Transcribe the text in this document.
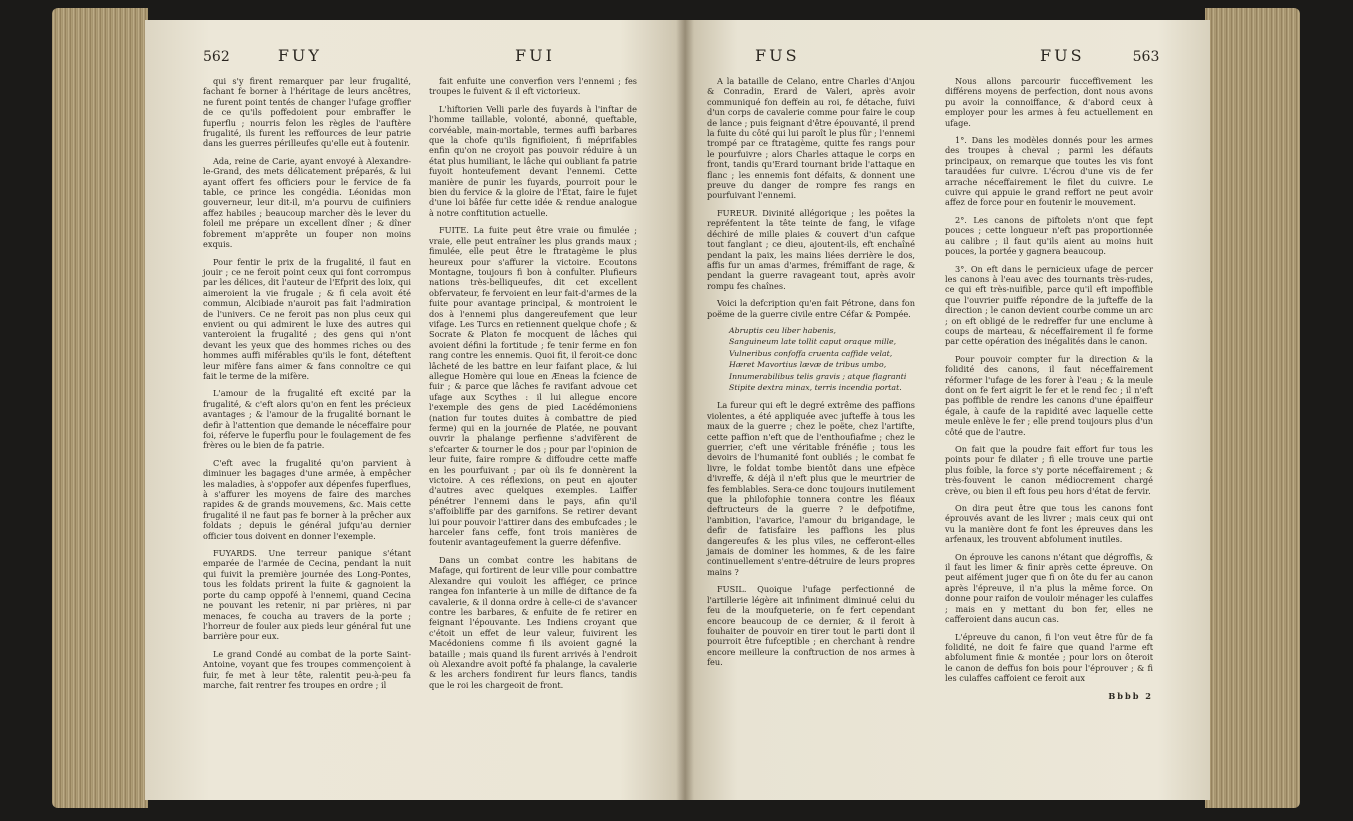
562	FUY	FUI

qui s'y firent remarquer par leur frugalité, fachant fe borner à l'héritage de leurs ancêtres, ne furent point tentés de changer l'ufage groffier de ce qu'ils poffedoient pour embraffer le fuperflu ; nourris felon les règles de l'auftère frugalité, ils furent les reffources de leur patrie dans les guerres périlleufes qu'elle eut à foutenir.

Ada, reine de Carie, ayant envoyé à Alexandre-le-Grand, des mets délicatement préparés, & lui ayant offert fes officiers pour le fervice de fa table, ce prince les congédia. Léonidas mon gouverneur, leur dit-il, m'a pourvu de cuifiniers affez habiles ; beaucoup marcher dès le lever du foleil me prépare un excellent dîner ; & dîner fobrement m'apprête un fouper non moins exquis.

Pour fentir le prix de la frugalité, il faut en jouir ; ce ne feroit point ceux qui font corrompus par les délices, dit l'auteur de l'Efprit des loix, qui aimeroient la vie frugale ; & fi cela avoit été commun, Alcibiade n'auroit pas fait l'admiration de l'univers. Ce ne feroit pas non plus ceux qui envient ou qui admirent le luxe des autres qui vanteroient la frugalité ; des gens qui n'ont devant les yeux que des hommes riches ou des hommes auffi miférables qu'ils le font, déteftent leur mifère fans aimer & fans connoître ce qui fait le terme de la mifère.

L'amour de la frugalité eft excité par la frugalité, & c'eft alors qu'on en fent les précieux avantages ; & l'amour de la frugalité bornant le defir à l'attention que demande le néceffaire pour foi, réferve le fuperflu pour le foulagement de fes frères ou le bien de fa patrie.

C'eft avec la frugalité qu'on parvient à diminuer les bagages d'une armée, à empêcher les maladies, à s'oppofer aux dépenfes fuperflues, à s'affurer les moyens de faire des marches rapides & de grands mouvemens, &c. Mais cette frugalité il ne faut pas fe borner à la prêcher aux foldats ; depuis le général jufqu'au dernier officier tous doivent en donner l'exemple.

FUYARDS. Une terreur panique s'étant emparée de l'armée de Cecina, pendant la nuit qui fuivit la première journée des Long-Pontes, tous les foldats prirent la fuite & gagnoient la porte du camp oppofé à l'ennemi, quand Cecina ne pouvant les retenir, ni par prières, ni par menaces, fe coucha au travers de la porte ; l'horreur de fouler aux pieds leur général fut une barrière pour eux.

Le grand Condé au combat de la porte Saint-Antoine, voyant que fes troupes commençoient à fuir, fe met à leur tête, ralentit peu-à-peu fa marche, fait rentrer fes troupes en ordre ; il

fait enfuite une converfion vers l'ennemi ; fes troupes le fuivent & il eft victorieux.

L'hiftorien Velli parle des fuyards à l'inftar de l'homme taillable, volonté, abonné, queftable, corvéable, main-mortable, termes auffi barbares que la chofe qu'ils fignifioient, fi méprifables enfin qu'on ne croyoit pas pouvoir réduire à un état plus humiliant, le lâche qui oubliant fa patrie fuyoit honteufement devant l'ennemi. Cette manière de punir les fuyards, pourroit pour le bien du fervice & la gloire de l'État, faire le fujet d'une loi bâfée fur cette idée & rendue analogue à notre conftitution actuelle.

FUITE. La fuite peut être vraie ou fimulée ; vraie, elle peut entraîner les plus grands maux ; fimulée, elle peut être le ftratagème le plus heureux pour s'affurer la victoire. Ecoutons Montagne, toujours fi bon à confulter. Plufieurs nations très-belliqueufes, dit cet excellent obfervateur, fe fervoient en leur fait-d'armes de la fuite pour avantage principal, & montroient le dos à l'ennemi plus dangereufement que leur vifage. Les Turcs en retiennent quelque chofe ; & Socrate & Platon fe mocquent de lâches qui avoient défini la fortitude ; fe tenir ferme en fon rang contre les ennemis. Quoi fit, il feroit-ce donc lâcheté de les battre en leur faifant place, & lui allegue Homère qui loue en Æneas la fcience de fuir ; & parce que lâches fe ravifant advoue cet ufage aux Scythes : il lui allegue encore l'exemple des gens de pied Lacédémoniens (nation fur toutes duites à combattre de pied ferme) qui en la journée de Platée, ne pouvant ouvrir la phalange perfienne s'advifèrent de s'efcarter & tourner le dos ; pour par l'opinion de leur fuite, faire rompre & diffoudre cette maffe en les pourfuivant ; par où ils fe donnèrent la victoire. A ces réflexions, on peut en ajouter d'autres avec quelques exemples. Laiffer pénétrer l'ennemi dans le pays, afin qu'il s'affoibliffe par des garnifons. Se retirer devant lui pour pouvoir l'attirer dans des embufcades ; le harceler fans ceffe, font trois manières de foutenir avantageufement la guerre défenfive.

Dans un combat contre les habitans de Mafage, qui fortirent de leur ville pour combattre Alexandre qui vouloit les affiéger, ce prince rangea fon infanterie à un mille de diftance de fa cavalerie, & il donna ordre à celle-ci de s'avancer contre les barbares, & enfuite de fe retirer en feignant l'épouvante. Les Indiens croyant que c'étoit un effet de leur valeur, fuivirent les Macédoniens comme fi ils avoient gagné la bataille ; mais quand ils furent arrivés à l'endroit où Alexandre avoit pofté fa phalange, la cavalerie & les archers fondirent fur leurs flancs, tandis que le roi les chargeoit de front.

FUS	FUS	563

A la bataille de Celano, entre Charles d'Anjou & Conradin, Erard de Valeri, après avoir communiqué fon deffein au roi, fe détache, fuivi d'un corps de cavalerie comme pour faire le coup de lance ; puis feignant d'être épouvanté, il prend la fuite du côté qui lui paroît le plus fûr ; l'ennemi trompé par ce ftratagème, quitte fes rangs pour le pourfuivre ; alors Charles attaque le corps en front, tandis qu'Erard tournant bride l'attaque en flanc ; les ennemis font défaits, & donnent une preuve du danger de rompre fes rangs en pourfuivant l'ennemi.

FUREUR. Divinité allégorique ; les poëtes la repréfentent la tête teinte de fang, le vifage déchiré de mille plaies & couvert d'un cafque tout fanglant ; ce dieu, ajoutent-ils, eft enchaîné pendant la paix, les mains liées derrière le dos, affis fur un amas d'armes, frémiffant de rage, & pendant la guerre ravageant tout, après avoir rompu fes chaînes.

Voici la defcription qu'en fait Pétrone, dans fon poëme de la guerre civile entre Céfar & Pompée.

Abruptis ceu liber habenis,

Sanguineum late tollit caput oraque mille,

Vulneribus confoffa cruenta caffide velat,

Hæret Mavortius lævæ de tribus umbo,

Innumerabilibus telis gravis ; atque flagranti

Stipite dextra minax, terris incendia portat.

La fureur qui eft le degré extrême des paffions violentes, a été appliquée avec jufteffe à tous les maux de la guerre ; chez le poëte, chez l'artifte, cette paffion n'eft que de l'enthoufiafme ; chez le guerrier, c'eft une véritable frénéfie ; tous les devoirs de l'humanité font oubliés ; le combat fe livre, le foldat tombe bientôt dans une efpèce d'ivreffe, & déjà il n'eft plus que le meurtrier de fes femblables. Sera-ce donc toujours inutilement que la philofophie tonnera contre les fléaux deftructeurs de la guerre ? le defpotifme, l'ambition, l'avarice, l'amour du brigandage, le defir de fatisfaire les paffions les plus dangereufes & les plus viles, ne cefferont-elles jamais de dominer les hommes, & de les faire continuellement s'entre-détruire de leurs propres mains ?

FUSIL. Quoique l'ufage perfectionné de l'artillerie légère ait infiniment diminué celui du feu de la moufqueterie, on fe fert cependant encore beaucoup de ce dernier, & il feroit à fouhaiter de pouvoir en tirer tout le parti dont il pourroit être fufceptible ; en cherchant à rendre encore meilleure la conftruction de nos armes à feu.

Nous allons parcourir fucceffivement les différens moyens de perfection, dont nous avons pu avoir la connoiffance, & d'abord ceux à employer pour les armes à feu actuellement en ufage.

1°. Dans les modèles donnés pour les armes des troupes à cheval ; parmi les défauts principaux, on remarque que toutes les vis font taraudées fur cuivre. L'écrou d'une vis de fer arrache néceffairement le filet du cuivre. Le cuivre qui appuie le grand reffort ne peut avoir affez de force pour en foutenir le mouvement.

2°. Les canons de piftolets n'ont que fept pouces ; cette longueur n'eft pas proportionnée au calibre ; il faut qu'ils aient au moins huit pouces, la portée y gagnera beaucoup.

3°. On eft dans le pernicieux ufage de percer les canons à l'eau avec des tournants très-rudes, ce qui eft très-nuifible, parce qu'il eft impoffible que l'ouvrier puiffe répondre de la jufteffe de la direction ; le canon devient courbe comme un arc ; on eft obligé de le redreffer fur une enclume à coups de marteau, & néceffairement il fe forme par cette opération des inégalités dans le canon.

Pour pouvoir compter fur la direction & la folidité des canons, il faut néceffairement réformer l'ufage de les forer à l'eau ; & la meule dont on fe fert aigrit le fer et le rend fec ; il n'eft pas poffible de rendre les canons d'une épaiffeur égale, à caufe de la rapidité avec laquelle cette meule enlève le fer ; elle prend toujours plus d'un côté que de l'autre.

On fait que la poudre fait effort fur tous les points pour fe dilater ; fi elle trouve une partie plus foible, la force s'y porte néceffairement ; & très-fouvent le canon médiocrement chargé crève, ou bien il eft fous peu hors d'état de fervir.

On dira peut être que tous les canons font éprouvés avant de les livrer ; mais ceux qui ont vu la manière dont fe font les épreuves dans les arfenaux, les trouvent abfolument inutiles.

On éprouve les canons n'étant que dégroffis, & il faut les limer & finir après cette épreuve. On peut aifément juger que fi on ôte du fer au canon après l'épreuve, il n'a plus la même force. On donne pour raifon de vouloir ménager les culaffes ; mais en y mettant du bon fer, elles ne cafferoient dans aucun cas.

L'épreuve du canon, fi l'on veut être fûr de fa folidité, ne doit fe faire que quand l'arme eft abfolument finie & montée ; pour lors on ôteroit le canon de deffus fon bois pour l'éprouver ; & fi les culaffes caffoient ce feroit aux

Bbbb 2
